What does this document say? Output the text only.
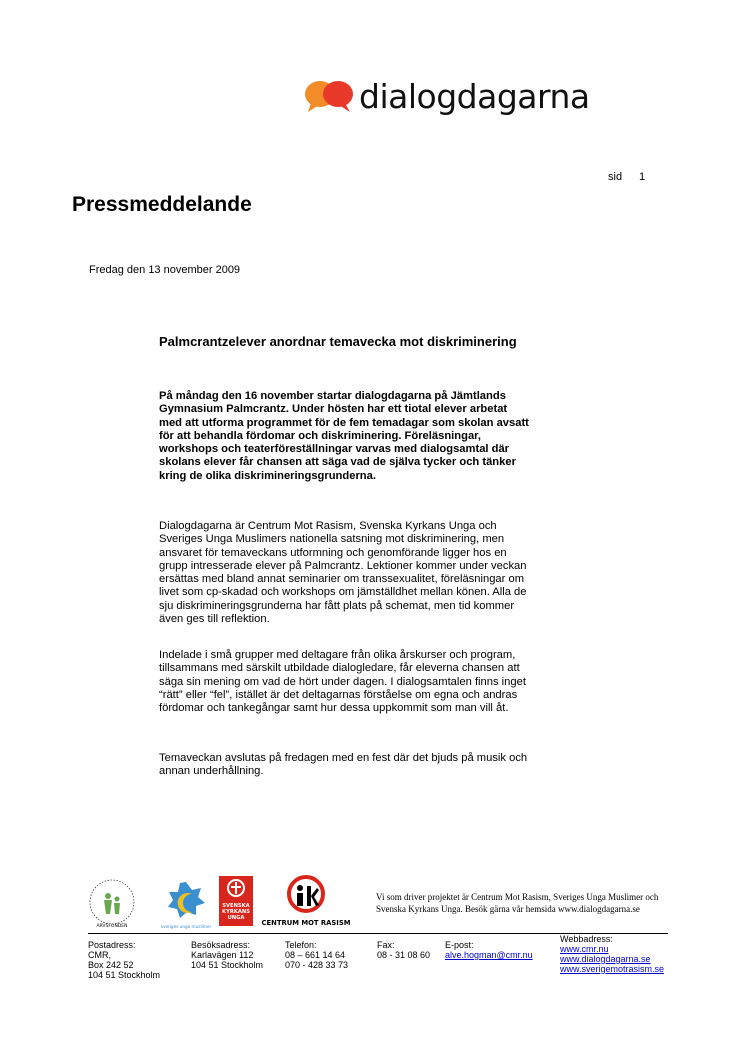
dialogdagarna
sid 1
Pressmeddelande
Fredag den 13 november 2009
Palmcrantzelever anordnar temavecka mot diskriminering
På måndag den 16 november startar dialogdagarna på Jämtlands Gymnasium Palmcrantz. Under hösten har ett tiotal elever arbetat med att utforma programmet för de fem temadagar som skolan avsatt för att behandla fördomar och diskriminering. Föreläsningar, workshops och teaterföreställningar varvas med dialogsamtal där skolans elever får chansen att säga vad de själva tycker och tänker kring de olika diskrimineringsgrunderna.
Dialogdagarna är Centrum Mot Rasism, Svenska Kyrkans Unga och Sveriges Unga Muslimers nationella satsning mot diskriminering, men ansvaret för temaveckans utformning och genomförande ligger hos en grupp intresserade elever på Palmcrantz. Lektioner kommer under veckan ersättas med bland annat seminarier om transsexualitet, föreläsningar om livet som cp-skadad och workshops om jämställdhet mellan könen. Alla de sju diskrimineringsgrunderna har fått plats på schemat, men tid kommer även ges till reflektion.
Indelade i små grupper med deltagare från olika årskurser och program, tillsammans med särskilt utbildade dialogledare, får eleverna chansen att säga sin mening om vad de hört under dagen. I dialogsamtalen finns inget “rätt” eller “fel”, istället är det deltagarnas förståelse om egna och andras fördomar och tankegångar samt hur dessa uppkommit som man vill åt.
Temaveckan avslutas på fredagen med en fest där det bjuds på musik och annan underhållning.
ARVSFONDEN	sveriges unga muslimer
SVENSKA
KYRKANS
UNGA
CENTRUM MOT RASISM
Vi som driver projektet är Centrum Mot Rasism, Sveriges Unga Muslimer och Svenska Kyrkans Unga. Besök gärna vår hemsida www.dialogdagarna.se
Postadress:
CMR,
Box 242 52
104 51 Stockholm
Besöksadress:
Karlavägen 112
104 51 Stockholm
Telefon:
08 – 661 14 64
070 - 428 33 73
Fax:
08 - 31 08 60
E-post:
alve.hogman@cmr.nu
Webbadress:
www.cmr.nu
www.dialogdagarna.se
www.sverigemotrasism.se
